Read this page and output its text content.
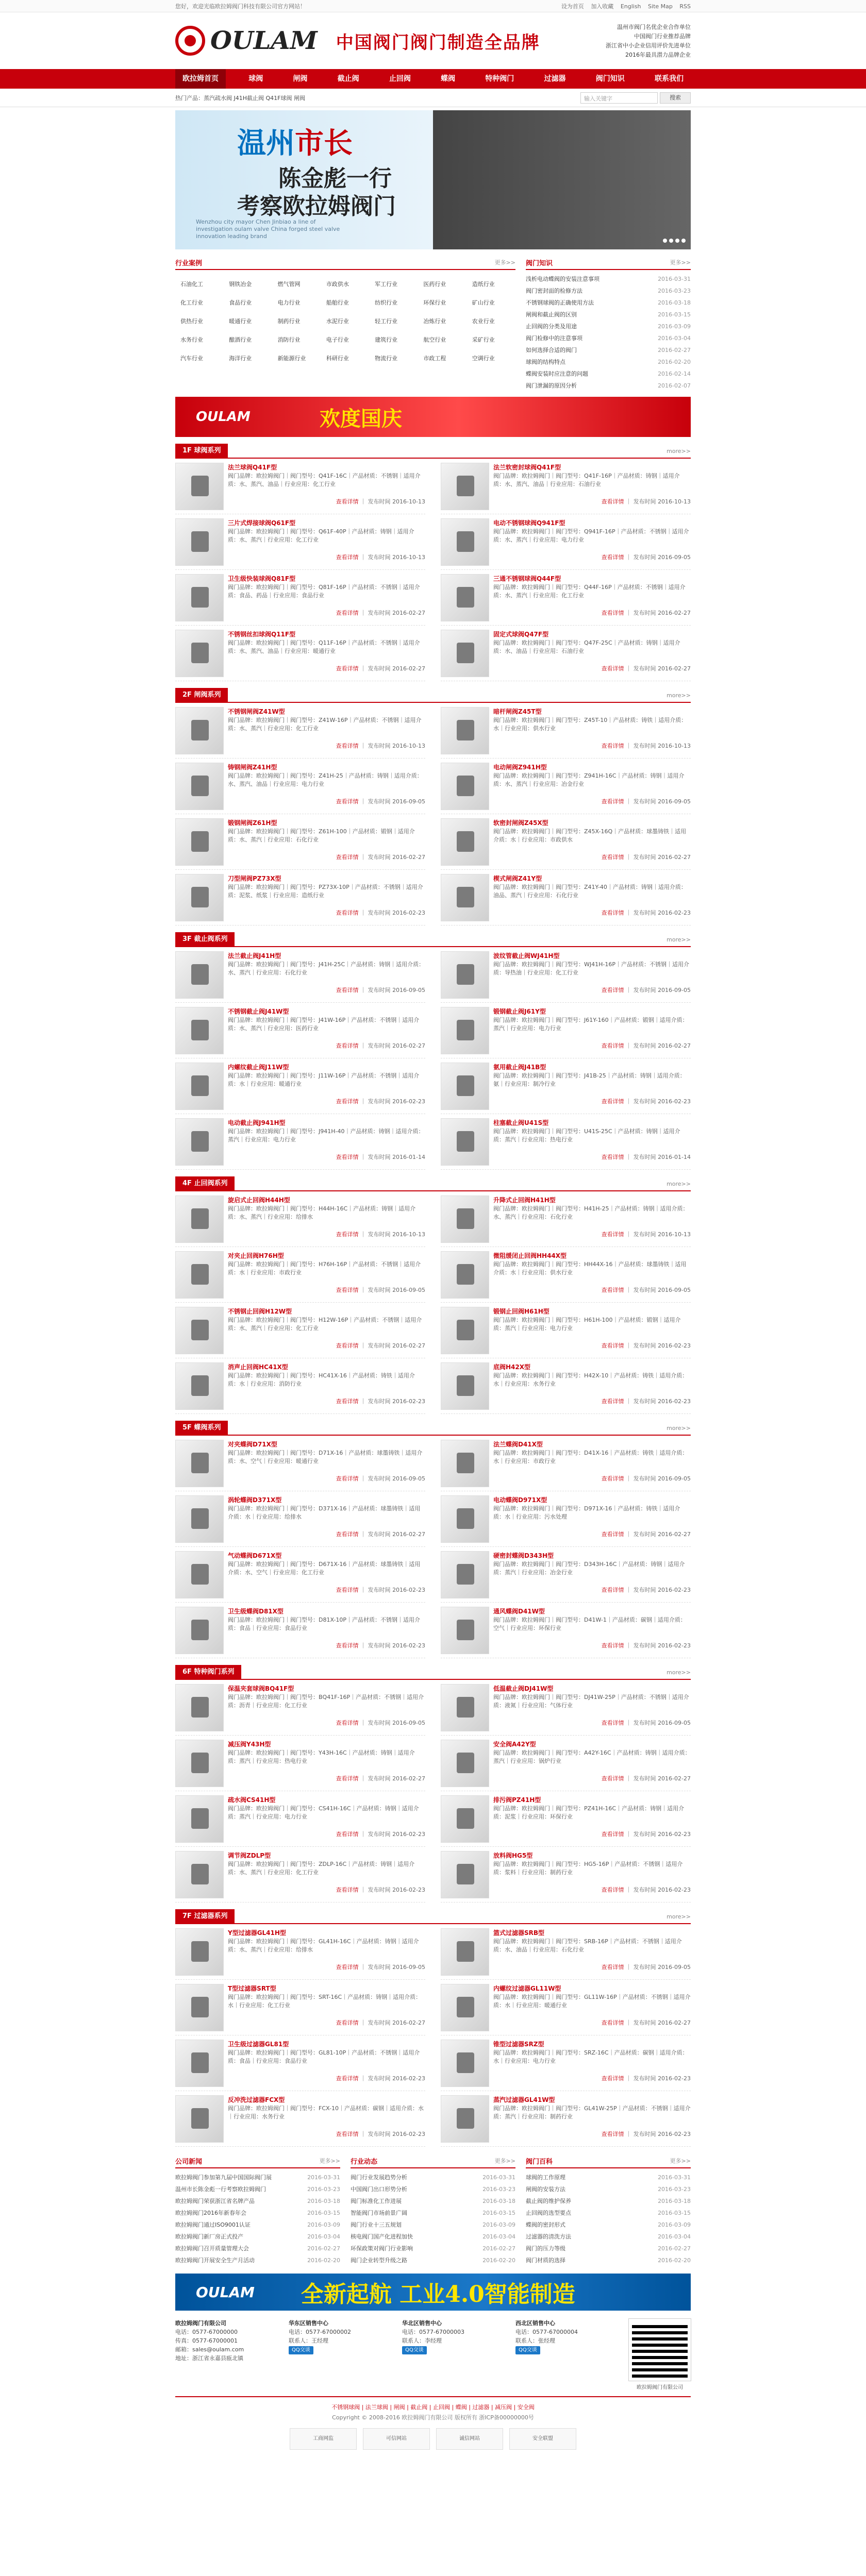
您好，欢迎光临欧拉姆阀门科技有限公司官方网站！	设为首页 加入收藏 English Site Map RSS
OULAM 中国阀门阀门制造全品牌
温州市阀门名优企业合作单位
中国阀门行业推荐品牌
浙江省中小企业信用评价先进单位
2016年最具潜力品牌企业
欧拉姆首页	球阀	闸阀	截止阀	止回阀	蝶阀	特种阀门	过滤器	阀门知识	联系我们
热门产品：蒸汽疏水阀 J41H截止阀 Q41F球阀 闸阀	输入关键字	搜索
温州市长
陈金彪一行
考察欧拉姆阀门
Wenzhou city mayor Chen Jinbiao a line of investigation oulam valve China forged steel valve innovation leading brand
行业案例	更多>>
石油化工	钢铁冶金	燃气管网	市政供水	军工行业	医药行业	造纸行业
化工行业	食品行业	电力行业	船舶行业	纺织行业	环保行业	矿山行业
供热行业	暖通行业	制药行业	水泥行业	轻工行业	冶炼行业	农业行业
水务行业	酿酒行业	消防行业	电子行业	建筑行业	航空行业	采矿行业
汽车行业	海洋行业	新能源行业	科研行业	物流行业	市政工程	空调行业
阀门知识	更多>>
浅析电动蝶阀的安装注意事项	2016-03-31
阀门密封面的检修方法	2016-03-23
不锈钢球阀的正确使用方法	2016-03-18
闸阀和截止阀的区别	2016-03-15
止回阀的分类及用途	2016-03-09
阀门检修中的注意事项	2016-03-04
如何选择合适的阀门	2016-02-27
球阀的结构特点	2016-02-20
蝶阀安装时应注意的问题	2016-02-14
阀门泄漏的原因分析	2016-02-07
OULAM	欢度国庆
1F 球阀系列	more>>
法兰球阀Q41F型
阀门品牌：欧拉姆阀门｜阀门型号：Q41F-16C｜产品材质：不锈钢｜适用介质：水、蒸汽、油品｜行业应用：化工行业
查看详情 ｜ 发布时间 2016-10-13
法兰软密封球阀Q41F型
阀门品牌：欧拉姆阀门｜阀门型号：Q41F-16P｜产品材质：铸钢｜适用介质：水、蒸汽、油品｜行业应用：石油行业
查看详情 ｜ 发布时间 2016-10-13
三片式焊接球阀Q61F型
阀门品牌：欧拉姆阀门｜阀门型号：Q61F-40P｜产品材质：铸钢｜适用介质：水、蒸汽｜行业应用：化工行业
查看详情 ｜ 发布时间 2016-10-13
电动不锈钢球阀Q941F型
阀门品牌：欧拉姆阀门｜阀门型号：Q941F-16P｜产品材质：不锈钢｜适用介质：水、蒸汽｜行业应用：电力行业
查看详情 ｜ 发布时间 2016-09-05
卫生级快装球阀Q81F型
阀门品牌：欧拉姆阀门｜阀门型号：Q81F-16P｜产品材质：不锈钢｜适用介质：食品、药品｜行业应用：食品行业
查看详情 ｜ 发布时间 2016-02-27
三通不锈钢球阀Q44F型
阀门品牌：欧拉姆阀门｜阀门型号：Q44F-16P｜产品材质：不锈钢｜适用介质：水、蒸汽｜行业应用：化工行业
查看详情 ｜ 发布时间 2016-02-27
不锈钢丝扣球阀Q11F型
阀门品牌：欧拉姆阀门｜阀门型号：Q11F-16P｜产品材质：不锈钢｜适用介质：水、蒸汽、油品｜行业应用：暖通行业
查看详情 ｜ 发布时间 2016-02-27
固定式球阀Q47F型
阀门品牌：欧拉姆阀门｜阀门型号：Q47F-25C｜产品材质：铸钢｜适用介质：水、油品｜行业应用：石油行业
查看详情 ｜ 发布时间 2016-02-27
2F 闸阀系列	more>>
不锈钢闸阀Z41W型
阀门品牌：欧拉姆阀门｜阀门型号：Z41W-16P｜产品材质：不锈钢｜适用介质：水、蒸汽｜行业应用：化工行业
查看详情 ｜ 发布时间 2016-10-13
暗杆闸阀Z45T型
阀门品牌：欧拉姆阀门｜阀门型号：Z45T-10｜产品材质：铸铁｜适用介质：水｜行业应用：供水行业
查看详情 ｜ 发布时间 2016-10-13
铸钢闸阀Z41H型
阀门品牌：欧拉姆阀门｜阀门型号：Z41H-25｜产品材质：铸钢｜适用介质：水、蒸汽、油品｜行业应用：电力行业
查看详情 ｜ 发布时间 2016-09-05
电动闸阀Z941H型
阀门品牌：欧拉姆阀门｜阀门型号：Z941H-16C｜产品材质：铸钢｜适用介质：水、蒸汽｜行业应用：冶金行业
查看详情 ｜ 发布时间 2016-09-05
锻钢闸阀Z61H型
阀门品牌：欧拉姆阀门｜阀门型号：Z61H-100｜产品材质：锻钢｜适用介质：水、蒸汽｜行业应用：石化行业
查看详情 ｜ 发布时间 2016-02-27
软密封闸阀Z45X型
阀门品牌：欧拉姆阀门｜阀门型号：Z45X-16Q｜产品材质：球墨铸铁｜适用介质：水｜行业应用：市政供水
查看详情 ｜ 发布时间 2016-02-27
刀型闸阀PZ73X型
阀门品牌：欧拉姆阀门｜阀门型号：PZ73X-10P｜产品材质：不锈钢｜适用介质：泥浆、纸浆｜行业应用：造纸行业
查看详情 ｜ 发布时间 2016-02-23
楔式闸阀Z41Y型
阀门品牌：欧拉姆阀门｜阀门型号：Z41Y-40｜产品材质：铸钢｜适用介质：油品、蒸汽｜行业应用：石化行业
查看详情 ｜ 发布时间 2016-02-23
3F 截止阀系列	more>>
法兰截止阀J41H型
阀门品牌：欧拉姆阀门｜阀门型号：J41H-25C｜产品材质：铸钢｜适用介质：水、蒸汽｜行业应用：石化行业
查看详情 ｜ 发布时间 2016-09-05
波纹管截止阀WJ41H型
阀门品牌：欧拉姆阀门｜阀门型号：WJ41H-16P｜产品材质：不锈钢｜适用介质：导热油｜行业应用：化工行业
查看详情 ｜ 发布时间 2016-09-05
不锈钢截止阀J41W型
阀门品牌：欧拉姆阀门｜阀门型号：J41W-16P｜产品材质：不锈钢｜适用介质：水、蒸汽｜行业应用：医药行业
查看详情 ｜ 发布时间 2016-02-27
锻钢截止阀J61Y型
阀门品牌：欧拉姆阀门｜阀门型号：J61Y-160｜产品材质：锻钢｜适用介质：蒸汽｜行业应用：电力行业
查看详情 ｜ 发布时间 2016-02-27
内螺纹截止阀J11W型
阀门品牌：欧拉姆阀门｜阀门型号：J11W-16P｜产品材质：不锈钢｜适用介质：水｜行业应用：暖通行业
查看详情 ｜ 发布时间 2016-02-23
氨用截止阀J41B型
阀门品牌：欧拉姆阀门｜阀门型号：J41B-25｜产品材质：铸钢｜适用介质：氨｜行业应用：制冷行业
查看详情 ｜ 发布时间 2016-02-23
电动截止阀J941H型
阀门品牌：欧拉姆阀门｜阀门型号：J941H-40｜产品材质：铸钢｜适用介质：蒸汽｜行业应用：电力行业
查看详情 ｜ 发布时间 2016-01-14
柱塞截止阀U41S型
阀门品牌：欧拉姆阀门｜阀门型号：U41S-25C｜产品材质：铸钢｜适用介质：蒸汽｜行业应用：热电行业
查看详情 ｜ 发布时间 2016-01-14
4F 止回阀系列	more>>
旋启式止回阀H44H型
阀门品牌：欧拉姆阀门｜阀门型号：H44H-16C｜产品材质：铸钢｜适用介质：水、蒸汽｜行业应用：给排水
查看详情 ｜ 发布时间 2016-10-13
升降式止回阀H41H型
阀门品牌：欧拉姆阀门｜阀门型号：H41H-25｜产品材质：铸钢｜适用介质：水、蒸汽｜行业应用：石化行业
查看详情 ｜ 发布时间 2016-10-13
对夹止回阀H76H型
阀门品牌：欧拉姆阀门｜阀门型号：H76H-16P｜产品材质：不锈钢｜适用介质：水｜行业应用：市政行业
查看详情 ｜ 发布时间 2016-09-05
微阻缓闭止回阀HH44X型
阀门品牌：欧拉姆阀门｜阀门型号：HH44X-16｜产品材质：球墨铸铁｜适用介质：水｜行业应用：供水行业
查看详情 ｜ 发布时间 2016-09-05
不锈钢止回阀H12W型
阀门品牌：欧拉姆阀门｜阀门型号：H12W-16P｜产品材质：不锈钢｜适用介质：水、蒸汽｜行业应用：化工行业
查看详情 ｜ 发布时间 2016-02-27
锻钢止回阀H61H型
阀门品牌：欧拉姆阀门｜阀门型号：H61H-100｜产品材质：锻钢｜适用介质：蒸汽｜行业应用：电力行业
查看详情 ｜ 发布时间 2016-02-23
消声止回阀HC41X型
阀门品牌：欧拉姆阀门｜阀门型号：HC41X-16｜产品材质：铸铁｜适用介质：水｜行业应用：消防行业
查看详情 ｜ 发布时间 2016-02-23
底阀H42X型
阀门品牌：欧拉姆阀门｜阀门型号：H42X-10｜产品材质：铸铁｜适用介质：水｜行业应用：水务行业
查看详情 ｜ 发布时间 2016-02-23
5F 蝶阀系列	more>>
对夹蝶阀D71X型
阀门品牌：欧拉姆阀门｜阀门型号：D71X-16｜产品材质：球墨铸铁｜适用介质：水、空气｜行业应用：暖通行业
查看详情 ｜ 发布时间 2016-09-05
法兰蝶阀D41X型
阀门品牌：欧拉姆阀门｜阀门型号：D41X-16｜产品材质：铸铁｜适用介质：水｜行业应用：市政行业
查看详情 ｜ 发布时间 2016-09-05
涡轮蝶阀D371X型
阀门品牌：欧拉姆阀门｜阀门型号：D371X-16｜产品材质：球墨铸铁｜适用介质：水｜行业应用：给排水
查看详情 ｜ 发布时间 2016-02-27
电动蝶阀D971X型
阀门品牌：欧拉姆阀门｜阀门型号：D971X-16｜产品材质：铸铁｜适用介质：水｜行业应用：污水处理
查看详情 ｜ 发布时间 2016-02-27
气动蝶阀D671X型
阀门品牌：欧拉姆阀门｜阀门型号：D671X-16｜产品材质：球墨铸铁｜适用介质：水、空气｜行业应用：化工行业
查看详情 ｜ 发布时间 2016-02-23
硬密封蝶阀D343H型
阀门品牌：欧拉姆阀门｜阀门型号：D343H-16C｜产品材质：铸钢｜适用介质：蒸汽｜行业应用：冶金行业
查看详情 ｜ 发布时间 2016-02-23
卫生级蝶阀D81X型
阀门品牌：欧拉姆阀门｜阀门型号：D81X-10P｜产品材质：不锈钢｜适用介质：食品｜行业应用：食品行业
查看详情 ｜ 发布时间 2016-02-23
通风蝶阀D41W型
阀门品牌：欧拉姆阀门｜阀门型号：D41W-1｜产品材质：碳钢｜适用介质：空气｜行业应用：环保行业
查看详情 ｜ 发布时间 2016-02-23
6F 特种阀门系列	more>>
保温夹套球阀BQ41F型
阀门品牌：欧拉姆阀门｜阀门型号：BQ41F-16P｜产品材质：不锈钢｜适用介质：沥青｜行业应用：化工行业
查看详情 ｜ 发布时间 2016-09-05
低温截止阀DJ41W型
阀门品牌：欧拉姆阀门｜阀门型号：DJ41W-25P｜产品材质：不锈钢｜适用介质：液氮｜行业应用：气体行业
查看详情 ｜ 发布时间 2016-09-05
减压阀Y43H型
阀门品牌：欧拉姆阀门｜阀门型号：Y43H-16C｜产品材质：铸钢｜适用介质：蒸汽｜行业应用：热电行业
查看详情 ｜ 发布时间 2016-02-27
安全阀A42Y型
阀门品牌：欧拉姆阀门｜阀门型号：A42Y-16C｜产品材质：铸钢｜适用介质：蒸汽｜行业应用：锅炉行业
查看详情 ｜ 发布时间 2016-02-27
疏水阀CS41H型
阀门品牌：欧拉姆阀门｜阀门型号：CS41H-16C｜产品材质：铸钢｜适用介质：蒸汽｜行业应用：电力行业
查看详情 ｜ 发布时间 2016-02-23
排污阀PZ41H型
阀门品牌：欧拉姆阀门｜阀门型号：PZ41H-16C｜产品材质：铸钢｜适用介质：泥浆｜行业应用：环保行业
查看详情 ｜ 发布时间 2016-02-23
调节阀ZDLP型
阀门品牌：欧拉姆阀门｜阀门型号：ZDLP-16C｜产品材质：铸钢｜适用介质：水、蒸汽｜行业应用：化工行业
查看详情 ｜ 发布时间 2016-02-23
放料阀HG5型
阀门品牌：欧拉姆阀门｜阀门型号：HG5-16P｜产品材质：不锈钢｜适用介质：浆料｜行业应用：制药行业
查看详情 ｜ 发布时间 2016-02-23
7F 过滤器系列	more>>
Y型过滤器GL41H型
阀门品牌：欧拉姆阀门｜阀门型号：GL41H-16C｜产品材质：铸钢｜适用介质：水、蒸汽｜行业应用：给排水
查看详情 ｜ 发布时间 2016-09-05
篮式过滤器SRB型
阀门品牌：欧拉姆阀门｜阀门型号：SRB-16P｜产品材质：不锈钢｜适用介质：水、油品｜行业应用：石化行业
查看详情 ｜ 发布时间 2016-09-05
T型过滤器SRT型
阀门品牌：欧拉姆阀门｜阀门型号：SRT-16C｜产品材质：铸钢｜适用介质：水｜行业应用：化工行业
查看详情 ｜ 发布时间 2016-02-27
内螺纹过滤器GL11W型
阀门品牌：欧拉姆阀门｜阀门型号：GL11W-16P｜产品材质：不锈钢｜适用介质：水｜行业应用：暖通行业
查看详情 ｜ 发布时间 2016-02-27
卫生级过滤器GL81型
阀门品牌：欧拉姆阀门｜阀门型号：GL81-10P｜产品材质：不锈钢｜适用介质：食品｜行业应用：食品行业
查看详情 ｜ 发布时间 2016-02-23
锥型过滤器SRZ型
阀门品牌：欧拉姆阀门｜阀门型号：SRZ-16C｜产品材质：碳钢｜适用介质：水｜行业应用：电力行业
查看详情 ｜ 发布时间 2016-02-23
反冲洗过滤器FCX型
阀门品牌：欧拉姆阀门｜阀门型号：FCX-10｜产品材质：碳钢｜适用介质：水｜行业应用：水务行业
查看详情 ｜ 发布时间 2016-02-23
蒸汽过滤器GL41W型
阀门品牌：欧拉姆阀门｜阀门型号：GL41W-25P｜产品材质：不锈钢｜适用介质：蒸汽｜行业应用：制药行业
查看详情 ｜ 发布时间 2016-02-23
公司新闻	更多>>
欧拉姆阀门参加第九届中国国际阀门展	2016-03-31
温州市长陈金彪一行考察欧拉姆阀门	2016-03-23
欧拉姆阀门荣获浙江省名牌产品	2016-03-18
欧拉姆阀门2016年新春年会	2016-03-15
欧拉姆阀门通过ISO9001认证	2016-03-09
欧拉姆阀门新厂房正式投产	2016-03-04
欧拉姆阀门召开质量管理大会	2016-02-27
欧拉姆阀门开展安全生产月活动	2016-02-20
行业动态	更多>>
阀门行业发展趋势分析	2016-03-31
中国阀门出口形势分析	2016-03-23
阀门标准化工作进展	2016-03-18
智能阀门市场前景广阔	2016-03-15
阀门行业十三五规划	2016-03-09
核电阀门国产化进程加快	2016-03-04
环保政策对阀门行业影响	2016-02-27
阀门企业转型升级之路	2016-02-20
阀门百科	更多>>
球阀的工作原理	2016-03-31
闸阀的安装方法	2016-03-23
截止阀的维护保养	2016-03-18
止回阀的选型要点	2016-03-15
蝶阀的密封形式	2016-03-09
过滤器的清洗方法	2016-03-04
阀门的压力等级	2016-02-27
阀门材质的选择	2016-02-20
OULAM 全新起航 工业4.0智能制造
欧拉姆阀门有限公司
电话：0577-67000000
传真：0577-67000001
邮箱：sales@oulam.com
地址：浙江省永嘉县瓯北镇
华东区销售中心
电话：0577-67000002
联系人：王经理
QQ交谈
华北区销售中心
电话：0577-67000003
联系人：李经理
QQ交谈
西北区销售中心
电话：0577-67000004
联系人：张经理
QQ交谈
欧拉姆阀门有限公司
不锈钢球阀 | 法兰球阀 | 闸阀 | 截止阀 | 止回阀 | 蝶阀 | 过滤器 | 减压阀 | 安全阀
Copyright © 2008-2016 欧拉姆阀门有限公司 版权所有 浙ICP备00000000号
工商网监	可信网站	诚信网站	安全联盟
